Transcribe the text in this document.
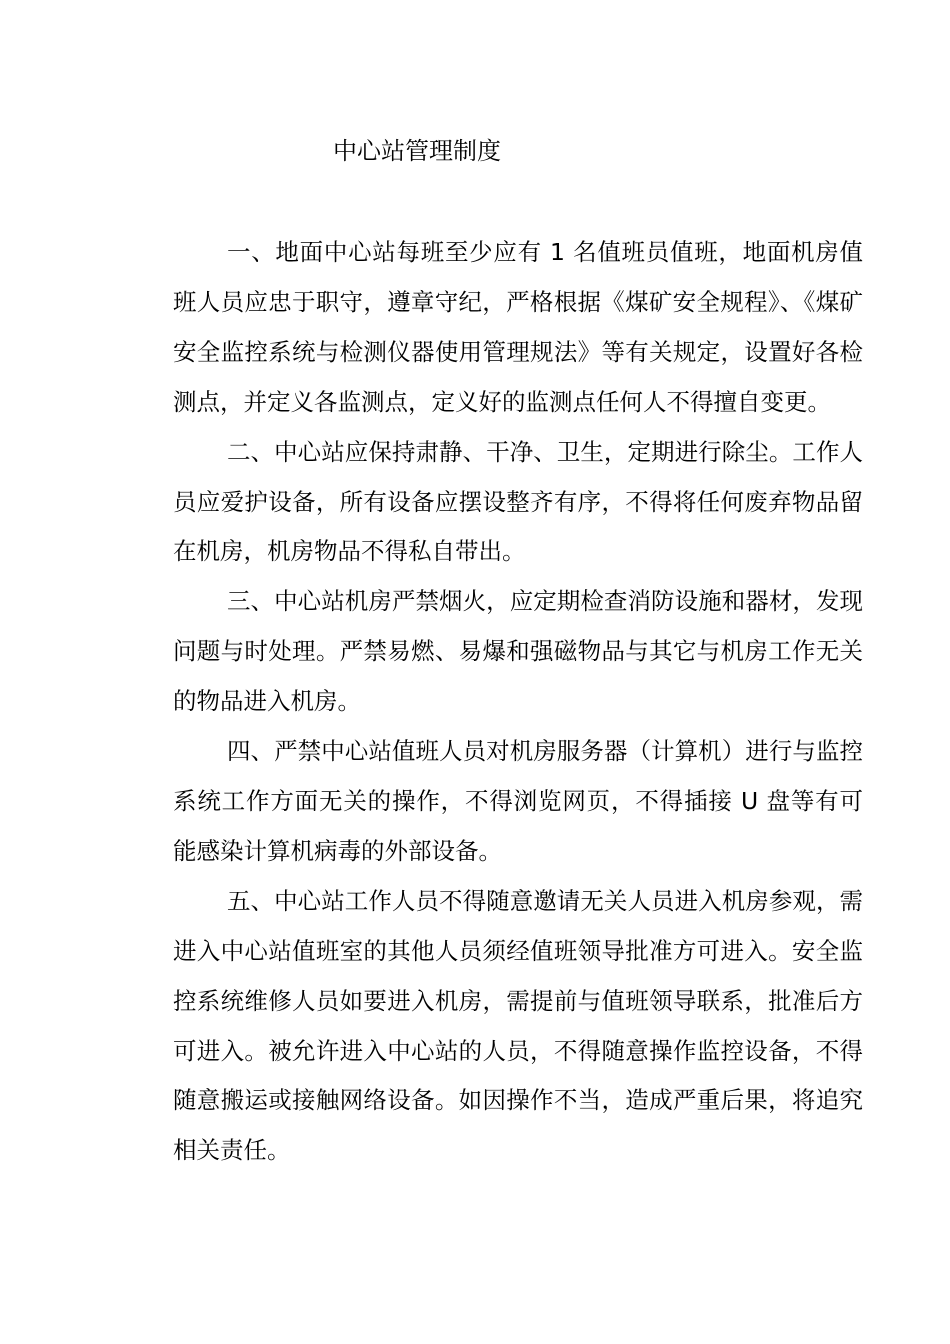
中心站管理制度

一、地面中心站每班至少应有 1 名值班员值班，地面机房值班人员应忠于职守，遵章守纪，严格根据《煤矿安全规程》、《煤矿安全监控系统与检测仪器使用管理规法》等有关规定，设置好各检测点，并定义各监测点，定义好的监测点任何人不得擅自变更。

二、中心站应保持肃静、干净、卫生，定期进行除尘。工作人员应爱护设备，所有设备应摆设整齐有序，不得将任何废弃物品留在机房，机房物品不得私自带出。

三、中心站机房严禁烟火，应定期检查消防设施和器材，发现问题与时处理。严禁易燃、易爆和强磁物品与其它与机房工作无关的物品进入机房。

四、严禁中心站值班人员对机房服务器（计算机）进行与监控系统工作方面无关的操作，不得浏览网页，不得插接 U 盘等有可能感染计算机病毒的外部设备。

五、中心站工作人员不得随意邀请无关人员进入机房参观，需进入中心站值班室的其他人员须经值班领导批准方可进入。安全监控系统维修人员如要进入机房，需提前与值班领导联系，批准后方可进入。被允许进入中心站的人员，不得随意操作监控设备，不得随意搬运或接触网络设备。如因操作不当，造成严重后果，将追究相关责任。
